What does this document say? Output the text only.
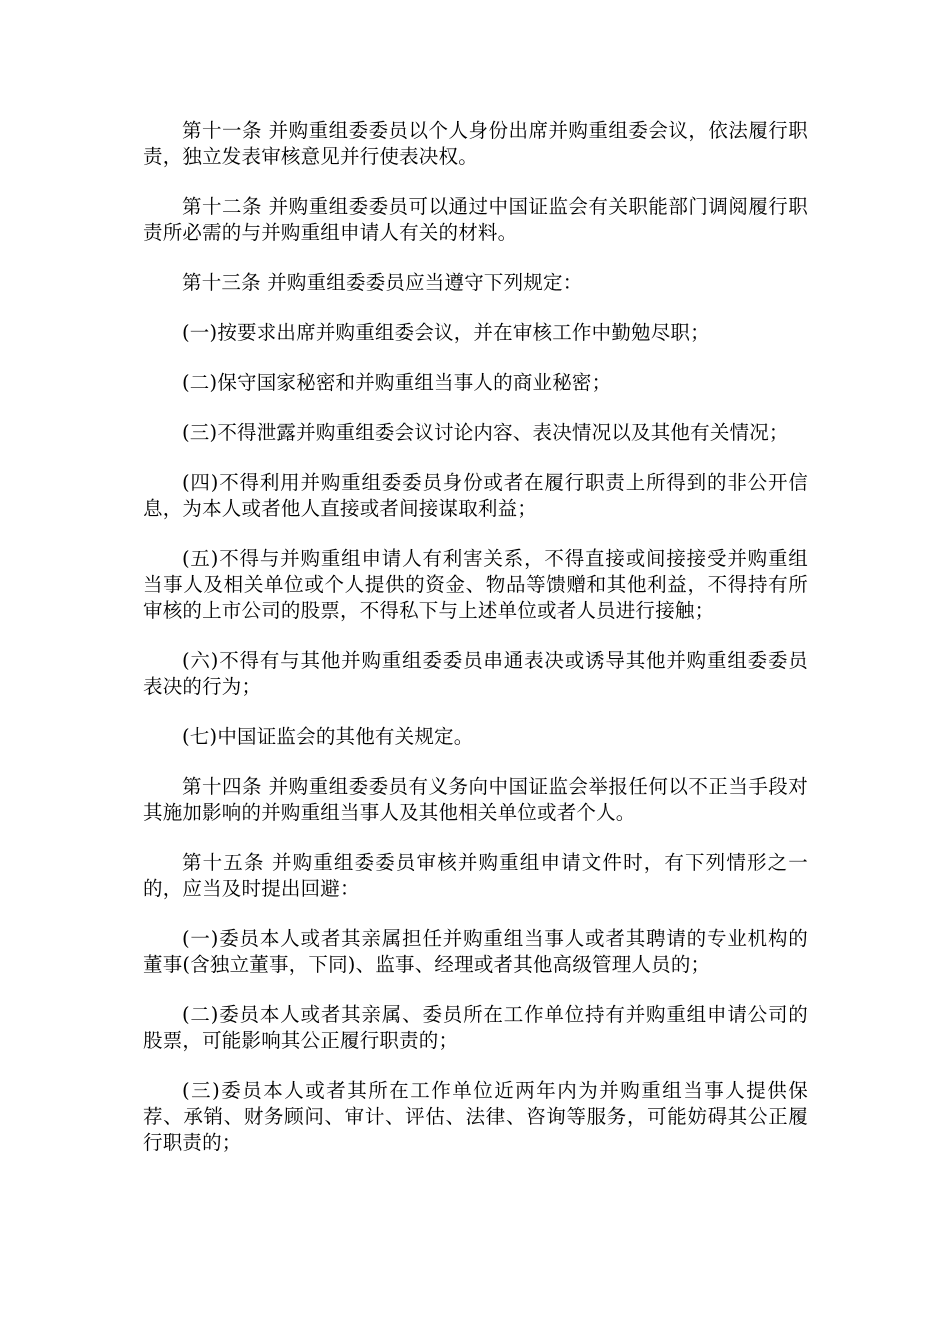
第十一条 并购重组委委员以个人身份出席并购重组委会议，依法履行职责，独立发表审核意见并行使表决权。

第十二条 并购重组委委员可以通过中国证监会有关职能部门调阅履行职责所必需的与并购重组申请人有关的材料。

第十三条 并购重组委委员应当遵守下列规定：

(一)按要求出席并购重组委会议，并在审核工作中勤勉尽职；

(二)保守国家秘密和并购重组当事人的商业秘密；

(三)不得泄露并购重组委会议讨论内容、表决情况以及其他有关情况；

(四)不得利用并购重组委委员身份或者在履行职责上所得到的非公开信息，为本人或者他人直接或者间接谋取利益；

(五)不得与并购重组申请人有利害关系，不得直接或间接接受并购重组当事人及相关单位或个人提供的资金、物品等馈赠和其他利益，不得持有所审核的上市公司的股票，不得私下与上述单位或者人员进行接触；

(六)不得有与其他并购重组委委员串通表决或诱导其他并购重组委委员表决的行为；

(七)中国证监会的其他有关规定。

第十四条 并购重组委委员有义务向中国证监会举报任何以不正当手段对其施加影响的并购重组当事人及其他相关单位或者个人。

第十五条 并购重组委委员审核并购重组申请文件时，有下列情形之一的，应当及时提出回避：

(一)委员本人或者其亲属担任并购重组当事人或者其聘请的专业机构的董事(含独立董事，下同)、监事、经理或者其他高级管理人员的；

(二)委员本人或者其亲属、委员所在工作单位持有并购重组申请公司的股票，可能影响其公正履行职责的；

(三)委员本人或者其所在工作单位近两年内为并购重组当事人提供保荐、承销、财务顾问、审计、评估、法律、咨询等服务，可能妨碍其公正履行职责的；
